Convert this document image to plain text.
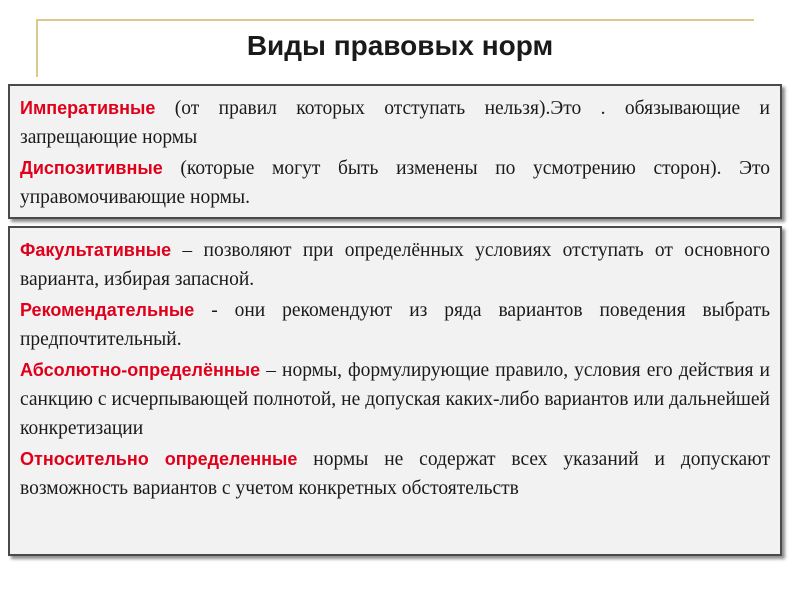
Виды правовых норм

Императивные (от правил которых отступать нельзя).Это . обязывающие и запрещающие нормы

Диспозитивные (которые могут быть изменены по усмотрению сторон). Это управомочивающие нормы.

Факультативные – позволяют при определённых условиях отступать от основного варианта, избирая запасной.

Рекомендательные - они рекомендуют из ряда вариантов поведения выбрать предпочтительный.

Абсолютно-определённые – нормы, формулирующие правило, условия его действия и санкцию с исчерпывающей полнотой, не допуская каких-либо вариантов или дальнейшей конкретизации

Относительно определенные нормы не содержат всех указаний и допускают возможность вариантов с учетом конкретных обстоятельств
